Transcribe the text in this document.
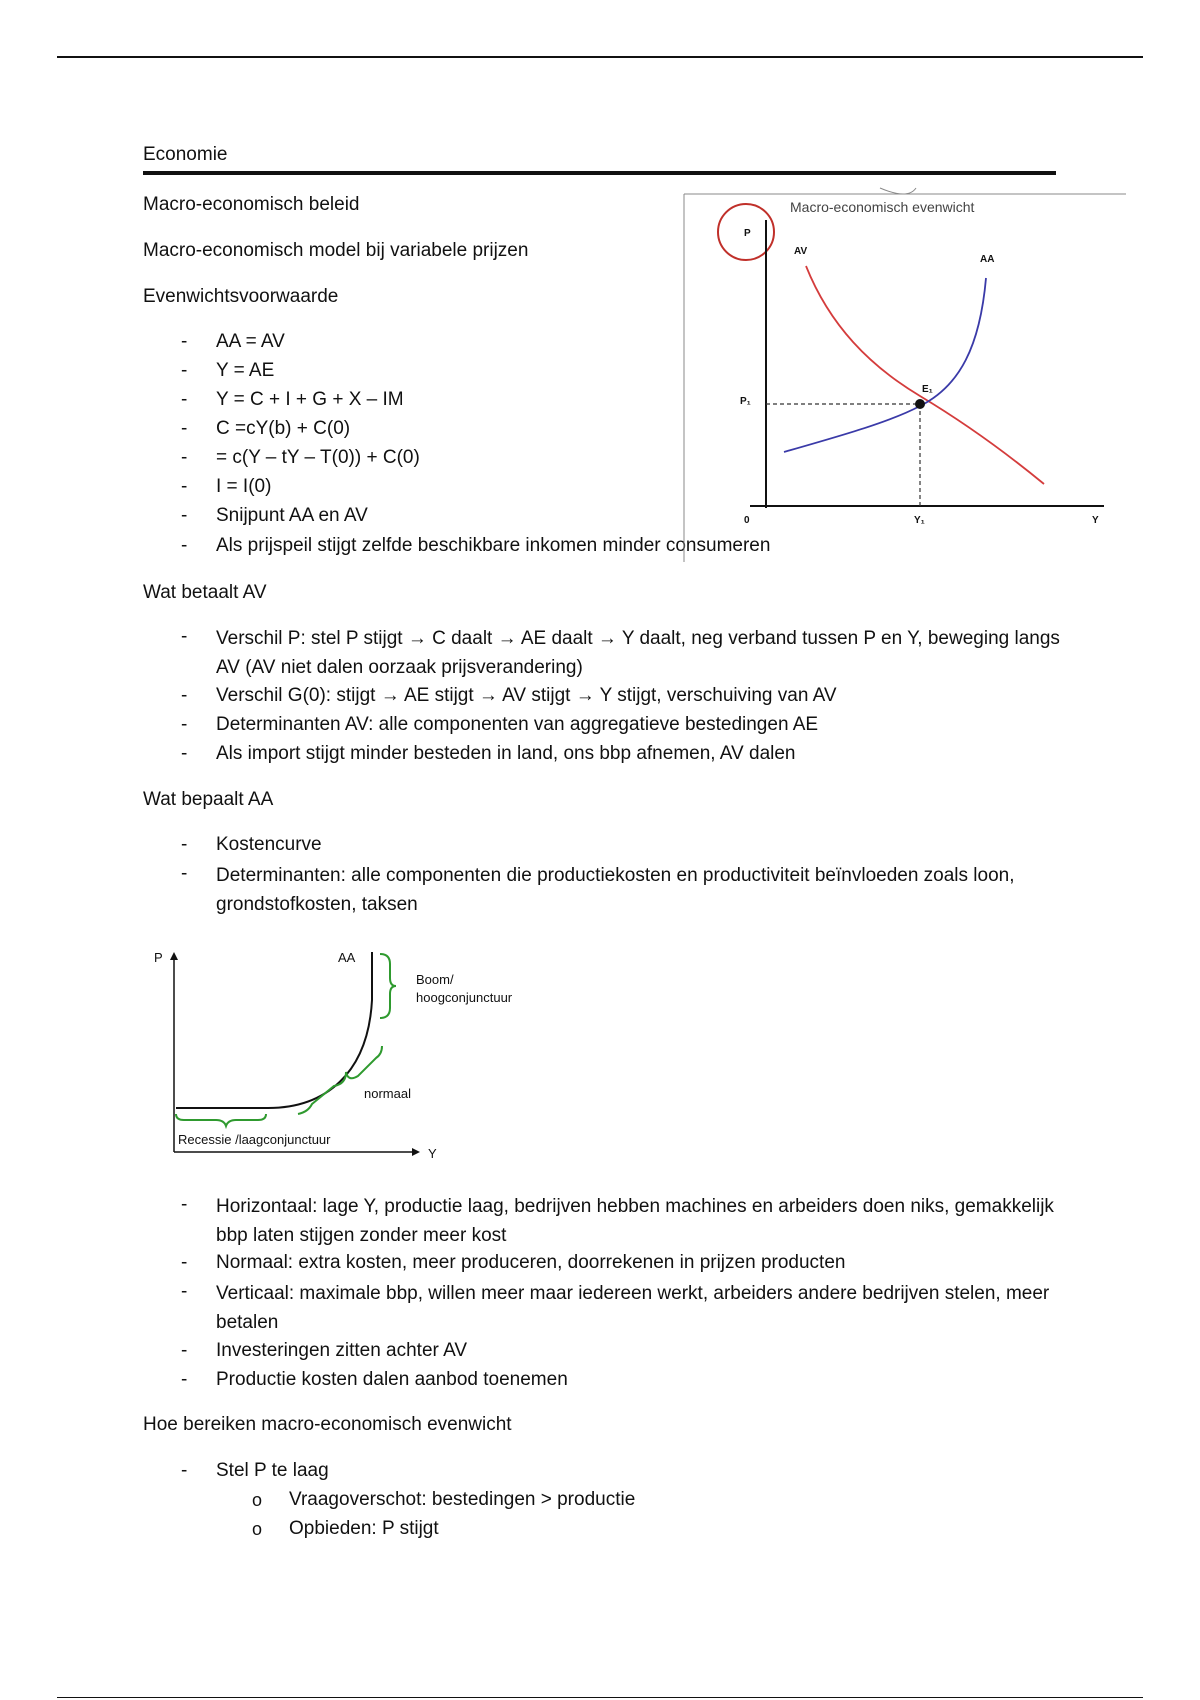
Economie
Macro-economisch beleid
Macro-economisch model bij variabele prijzen
Evenwichtsvoorwaarde
- AA = AV
- Y = AE
- Y = C + I + G + X – IM
- C =cY(b) + C(0)
- = c(Y – tY – T(0)) + C(0)
- I = I(0)
- Snijpunt AA en AV
- Als prijspeil stijgt zelfde beschikbare inkomen minder consumeren
Macro-economisch evenwicht
P
AV
AA
E₁
P₁
Y₁
0	Y
Wat betaalt AV
- Verschil P: stel P stijgt → C daalt → AE daalt → Y daalt, neg verband tussen P en Y, beweging langs AV (AV niet dalen oorzaak prijsverandering)
- Verschil G(0): stijgt → AE stijgt → AV stijgt → Y stijgt, verschuiving van AV
- Determinanten AV: alle componenten van aggregatieve bestedingen AE
- Als import stijgt minder besteden in land, ons bbp afnemen, AV dalen
Wat bepaalt AA
- Kostencurve
- Determinanten: alle componenten die productiekosten en productiviteit beïnvloeden zoals loon, grondstofkosten, taksen
P
Y
AA
Boom/
hoogconjunctuur
normaal
Recessie /laagconjunctuur
- Horizontaal: lage Y, productie laag, bedrijven hebben machines en arbeiders doen niks, gemakkelijk bbp laten stijgen zonder meer kost
- Normaal: extra kosten, meer produceren, doorrekenen in prijzen producten
- Verticaal: maximale bbp, willen meer maar iedereen werkt, arbeiders andere bedrijven stelen, meer betalen
- Investeringen zitten achter AV
- Productie kosten dalen aanbod toenemen
Hoe bereiken macro-economisch evenwicht
- Stel P te laag
o Vraagoverschot: bestedingen > productie
o Opbieden: P stijgt
